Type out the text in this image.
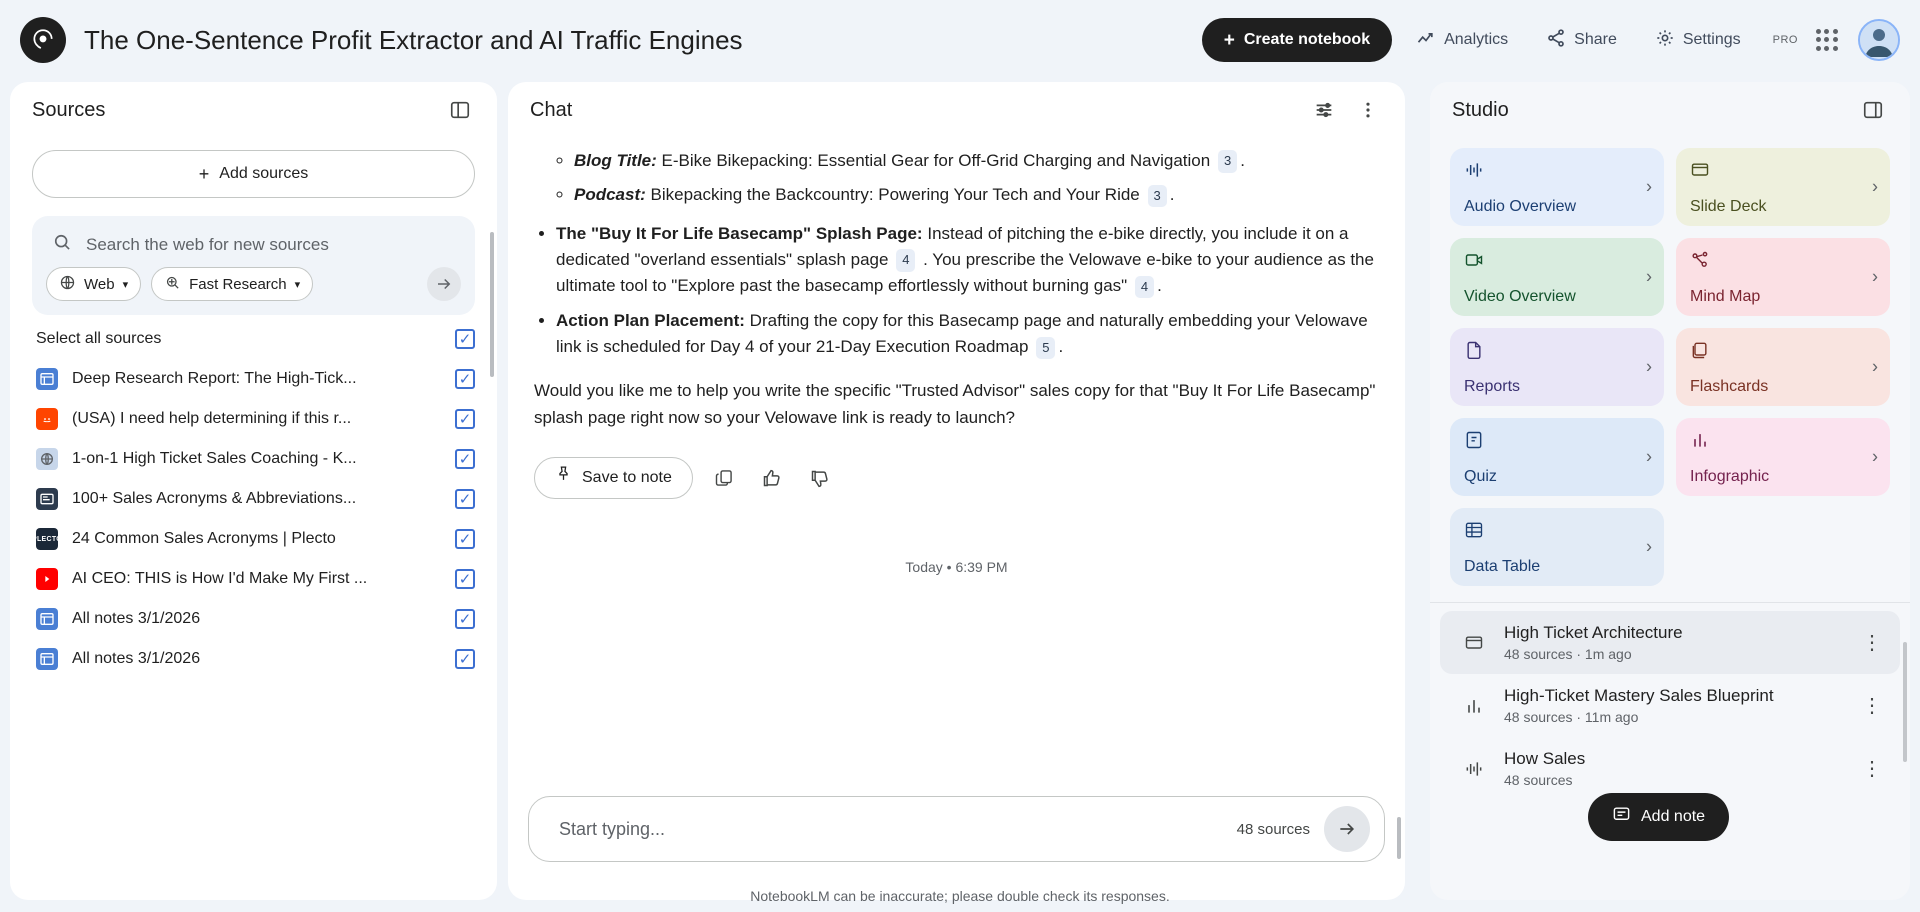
The One-Sentence Profit Extractor and AI Traffic Engines	+ Create notebook	Analytics	Share	Settings	PRO
Sources
+ Add sources
Search the web for new sources
Web ▾	Fast Research ▾
Select all sources	✓
Deep Research Report: The High-Tick...	✓
(USA) I need help determining if this r...	✓
1-on-1 High Ticket Sales Coaching - K...	✓
100+ Sales Acronyms & Abbreviations...	✓
PLECTO 24 Common Sales Acronyms | Plecto	✓
AI CEO: THIS is How I'd Make My First ...	✓
All notes 3/1/2026	✓
All notes 3/1/2026	✓
Chat
◦ Blog Title: E-Bike Bikepacking: Essential Gear for Off-Grid Charging and Navigation 3 .
◦ Podcast: Bikepacking the Backcountry: Powering Your Tech and Your Ride 3 .
• The "Buy It For Life Basecamp" Splash Page: Instead of pitching the e-bike directly, you include it on a dedicated "overland essentials" splash page 4 . You prescribe the Velowave e-bike to your audience as the ultimate tool to "Explore past the basecamp effortlessly without burning gas" 4 .
• Action Plan Placement: Drafting the copy for this Basecamp page and naturally embedding your Velowave link is scheduled for Day 4 of your 21-Day Execution Roadmap 5 .

Would you like me to help you write the specific "Trusted Advisor" sales copy for that "Buy It For Life Basecamp" splash page right now so your Velowave link is ready to launch?

Save to note
Today • 6:39 PM
Start typing...
48 sources
NotebookLM can be inaccurate; please double check its responses.
Studio
Audio Overview
›
Slide Deck
›
Video Overview
›
Mind Map
›
Reports
›
Flashcards
›
Quiz
›
Infographic
›
Data Table
›
High Ticket Architecture
48 sources · 1m ago
⋮
High-Ticket Mastery Sales Blueprint
48 sources · 11m ago
⋮
How Sales
48 sources
⋮
Add note
